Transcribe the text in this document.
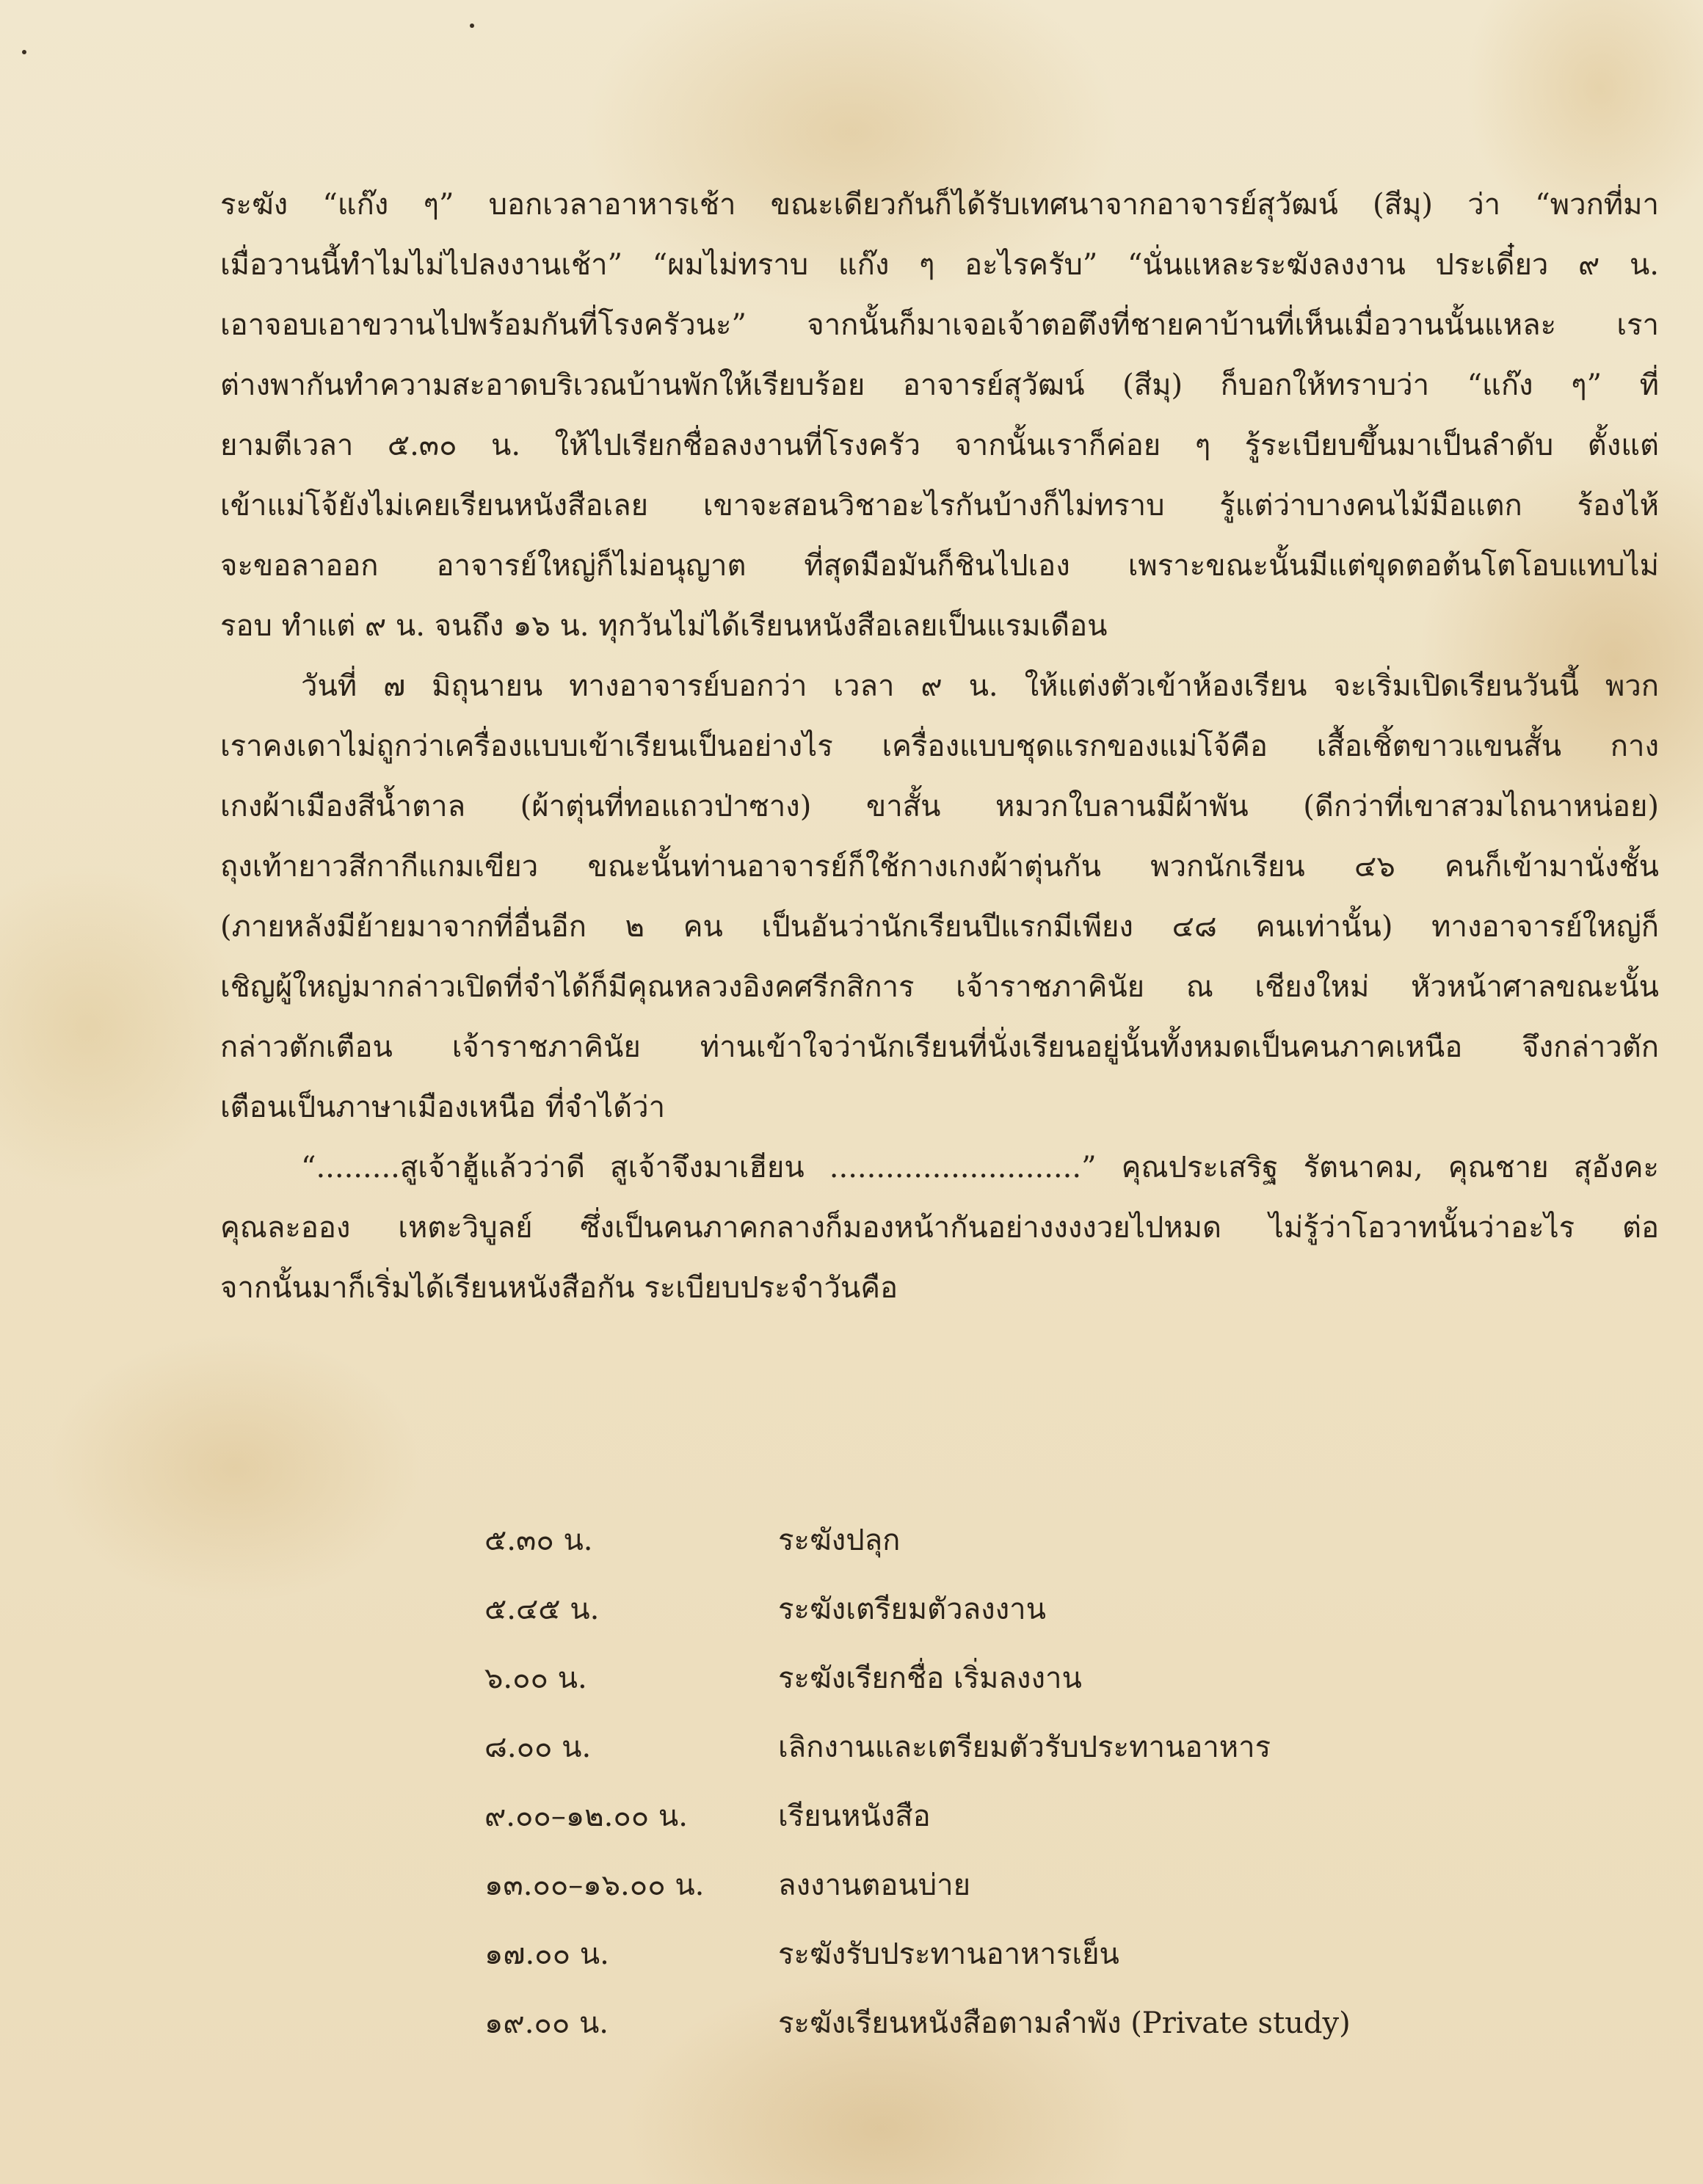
ระฆัง “แก๊ง ๆ” บอกเวลาอาหารเช้า ขณะเดียวกันก็ได้รับเทศนาจากอาจารย์สุวัฒน์ (สีมุ) ว่า “พวกที่มา
เมื่อวานนี้ทำไมไม่ไปลงงานเช้า” “ผมไม่ทราบ แก๊ง ๆ อะไรครับ” “นั่นแหละระฆังลงงาน ประเดี๋ยว ๙ น.
เอาจอบเอาขวานไปพร้อมกันที่โรงครัวนะ” จากนั้นก็มาเจอเจ้าตอตึงที่ชายคาบ้านที่เห็นเมื่อวานนั้นแหละ เรา
ต่างพากันทำความสะอาดบริเวณบ้านพักให้เรียบร้อย อาจารย์สุวัฒน์ (สีมุ) ก็บอกให้ทราบว่า “แก๊ง ๆ” ที่
ยามตีเวลา ๕.๓๐ น. ให้ไปเรียกชื่อลงงานที่โรงครัว จากนั้นเราก็ค่อย ๆ รู้ระเบียบขึ้นมาเป็นลำดับ ตั้งแต่
เข้าแม่โจ้ยังไม่เคยเรียนหนังสือเลย เขาจะสอนวิชาอะไรกันบ้างก็ไม่ทราบ รู้แต่ว่าบางคนไม้มือแตก ร้องไห้
จะขอลาออก อาจารย์ใหญ่ก็ไม่อนุญาต ที่สุดมือมันก็ชินไปเอง เพราะขณะนั้นมีแต่ขุดตอต้นโตโอบแทบไม่
รอบ ทำแต่ ๙ น. จนถึง ๑๖ น. ทุกวันไม่ได้เรียนหนังสือเลยเป็นแรมเดือน
วันที่ ๗ มิถุนายน ทางอาจารย์บอกว่า เวลา ๙ น. ให้แต่งตัวเข้าห้องเรียน จะเริ่มเปิดเรียนวันนี้ พวก
เราคงเดาไม่ถูกว่าเครื่องแบบเข้าเรียนเป็นอย่างไร เครื่องแบบชุดแรกของแม่โจ้คือ เสื้อเชิ้ตขาวแขนสั้น กาง
เกงผ้าเมืองสีน้ำตาล (ผ้าตุ่นที่ทอแถวป่าซาง) ขาสั้น หมวกใบลานมีผ้าพัน (ดีกว่าที่เขาสวมไถนาหน่อย)
ถุงเท้ายาวสีกากีแกมเขียว ขณะนั้นท่านอาจารย์ก็ใช้กางเกงผ้าตุ่นกัน พวกนักเรียน ๔๖ คนก็เข้ามานั่งชั้น
(ภายหลังมีย้ายมาจากที่อื่นอีก ๒ คน เป็นอันว่านักเรียนปีแรกมีเพียง ๔๘ คนเท่านั้น) ทางอาจารย์ใหญ่ก็
เชิญผู้ใหญ่มากล่าวเปิดที่จำได้ก็มีคุณหลวงอิงคศรีกสิการ เจ้าราชภาคินัย ณ เชียงใหม่ หัวหน้าศาลขณะนั้น
กล่าวตักเตือน เจ้าราชภาคินัย ท่านเข้าใจว่านักเรียนที่นั่งเรียนอยู่นั้นทั้งหมดเป็นคนภาคเหนือ จึงกล่าวตัก
เตือนเป็นภาษาเมืองเหนือ ที่จำได้ว่า
“.........สูเจ้าฮู้แล้วว่าดี สูเจ้าจึงมาเฮียน ...........................” คุณประเสริฐ รัตนาคม, คุณชาย สุอังคะ
คุณละออง เหตะวิบูลย์ ซึ่งเป็นคนภาคกลางก็มองหน้ากันอย่างงงงวยไปหมด ไม่รู้ว่าโอวาทนั้นว่าอะไร ต่อ
จากนั้นมาก็เริ่มได้เรียนหนังสือกัน ระเบียบประจำวันคือ
๕.๓๐ น.	ระฆังปลุก
๕.๔๕ น.	ระฆังเตรียมตัวลงงาน
๖.๐๐ น.	ระฆังเรียกชื่อ เริ่มลงงาน
๘.๐๐ น.	เลิกงานและเตรียมตัวรับประทานอาหาร
๙.๐๐–๑๒.๐๐ น.	เรียนหนังสือ
๑๓.๐๐–๑๖.๐๐ น.	ลงงานตอนบ่าย
๑๗.๐๐ น.	ระฆังรับประทานอาหารเย็น
๑๙.๐๐ น.	ระฆังเรียนหนังสือตามลำพัง (Private study)
